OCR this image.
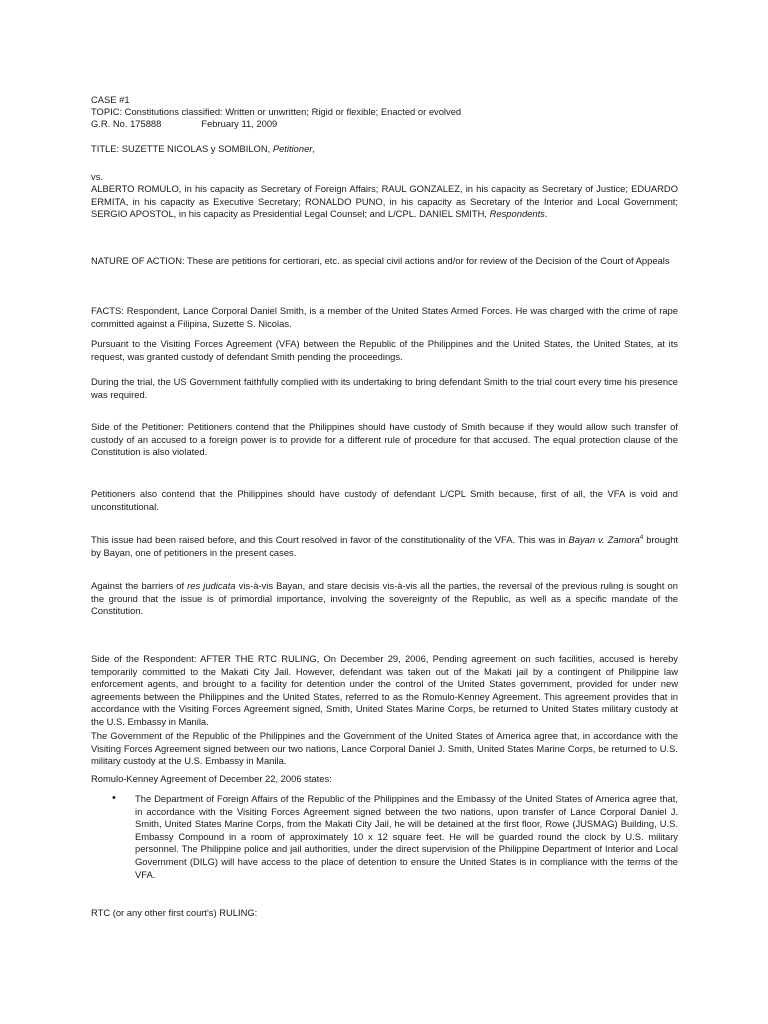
CASE #1
TOPIC: Constitutions classified: Written or unwritten; Rigid or flexible; Enacted or evolved
G.R. No. 175888	February 11, 2009
TITLE: SUZETTE NICOLAS y SOMBILON, Petitioner,
vs.

ALBERTO ROMULO, in his capacity as Secretary of Foreign Affairs; RAUL GONZALEZ, in his capacity as Secretary of Justice; EDUARDO ERMITA, in his capacity as Executive Secretary; RONALDO PUNO, in his capacity as Secretary of the Interior and Local Government; SERGIO APOSTOL, in his capacity as Presidential Legal Counsel; and L/CPL. DANIEL SMITH, Respondents.

NATURE OF ACTION: These are petitions for certiorari, etc. as special civil actions and/or for review of the Decision of the Court of Appeals

FACTS: Respondent, Lance Corporal Daniel Smith, is a member of the United States Armed Forces. He was charged with the crime of rape committed against a Filipina, Suzette S. Nicolas.

Pursuant to the Visiting Forces Agreement (VFA) between the Republic of the Philippines and the United States, the United States, at its request, was granted custody of defendant Smith pending the proceedings.

During the trial, the US Government faithfully complied with its undertaking to bring defendant Smith to the trial court every time his presence was required.

Side of the Petitioner: Petitioners contend that the Philippines should have custody of Smith because if they would allow such transfer of custody of an accused to a foreign power is to provide for a different rule of procedure for that accused. The equal protection clause of the Constitution is also violated.

Petitioners also contend that the Philippines should have custody of defendant L/CPL Smith because, first of all, the VFA is void and unconstitutional.

This issue had been raised before, and this Court resolved in favor of the constitutionality of the VFA. This was in Bayan v. Zamora$^4$ brought by Bayan, one of petitioners in the present cases.

Against the barriers of res judicata vis-à-vis Bayan, and stare decisis vis-à-vis all the parties, the reversal of the previous ruling is sought on the ground that the issue is of primordial importance, involving the sovereignty of the Republic, as well as a specific mandate of the Constitution.

Side of the Respondent: AFTER THE RTC RULING, On December 29, 2006, Pending agreement on such facilities, accused is hereby temporarily committed to the Makati City Jail. However, defendant was taken out of the Makati jail by a contingent of Philippine law enforcement agents, and brought to a facility for detention under the control of the United States government, provided for under new agreements between the Philippines and the United States, referred to as the Romulo-Kenney Agreement. This agreement provides that in accordance with the Visiting Forces Agreement signed, Smith, United States Marine Corps, be returned to United States military custody at the U.S. Embassy in Manila.

The Government of the Republic of the Philippines and the Government of the United States of America agree that, in accordance with the Visiting Forces Agreement signed between our two nations, Lance Corporal Daniel J. Smith, United States Marine Corps, be returned to U.S. military custody at the U.S. Embassy in Manila.

Romulo-Kenney Agreement of December 22, 2006 states:
• The Department of Foreign Affairs of the Republic of the Philippines and the Embassy of the United States of America agree that, in accordance with the Visiting Forces Agreement signed between the two nations, upon transfer of Lance Corporal Daniel J. Smith, United States Marine Corps, from the Makati City Jail, he will be detained at the first floor, Rowe (JUSMAG) Building, U.S. Embassy Compound in a room of approximately 10 x 12 square feet. He will be guarded round the clock by U.S. military personnel. The Philippine police and jail authorities, under the direct supervision of the Philippine Department of Interior and Local Government (DILG) will have access to the place of detention to ensure the United States is in compliance with the terms of the VFA.

RTC (or any other first court's) RULING:
